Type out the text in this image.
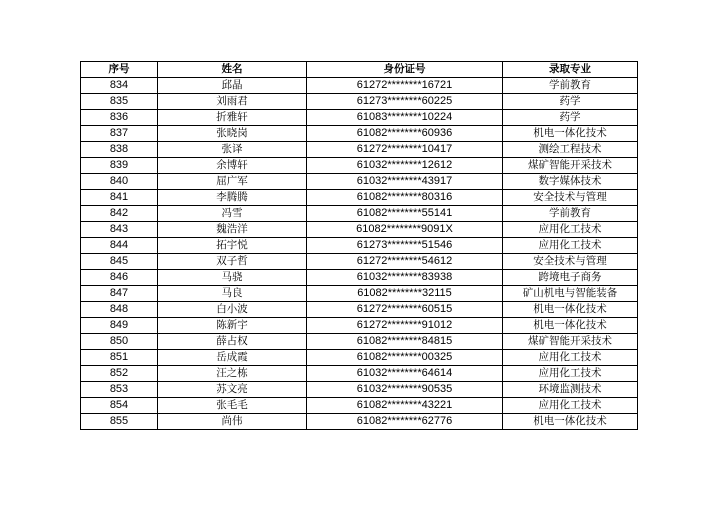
序号	姓名	身份证号	录取专业
834	邱晶	61272********16721	学前教育
835	刘雨君	61273********60225	药学
836	折雅轩	61083********10224	药学
837	张晓岗	61082********60936	机电一体化技术
838	张译	61272********10417	测绘工程技术
839	余博轩	61032********12612	煤矿智能开采技术
840	屈广军	61032********43917	数字媒体技术
841	李腾腾	61082********80316	安全技术与管理
842	冯雪	61082********55141	学前教育
843	魏浩洋	61082********9091X	应用化工技术
844	拓宇悦	61273********51546	应用化工技术
845	双子哲	61272********54612	安全技术与管理
846	马骁	61032********83938	跨境电子商务
847	马良	61082********32115	矿山机电与智能装备
848	白小波	61272********60515	机电一体化技术
849	陈新宇	61272********91012	机电一体化技术
850	薛占权	61082********84815	煤矿智能开采技术
851	岳成霞	61082********00325	应用化工技术
852	汪之栋	61032********64614	应用化工技术
853	苏文亮	61032********90535	环境监测技术
854	张毛毛	61082********43221	应用化工技术
855	尚伟	61082********62776	机电一体化技术
